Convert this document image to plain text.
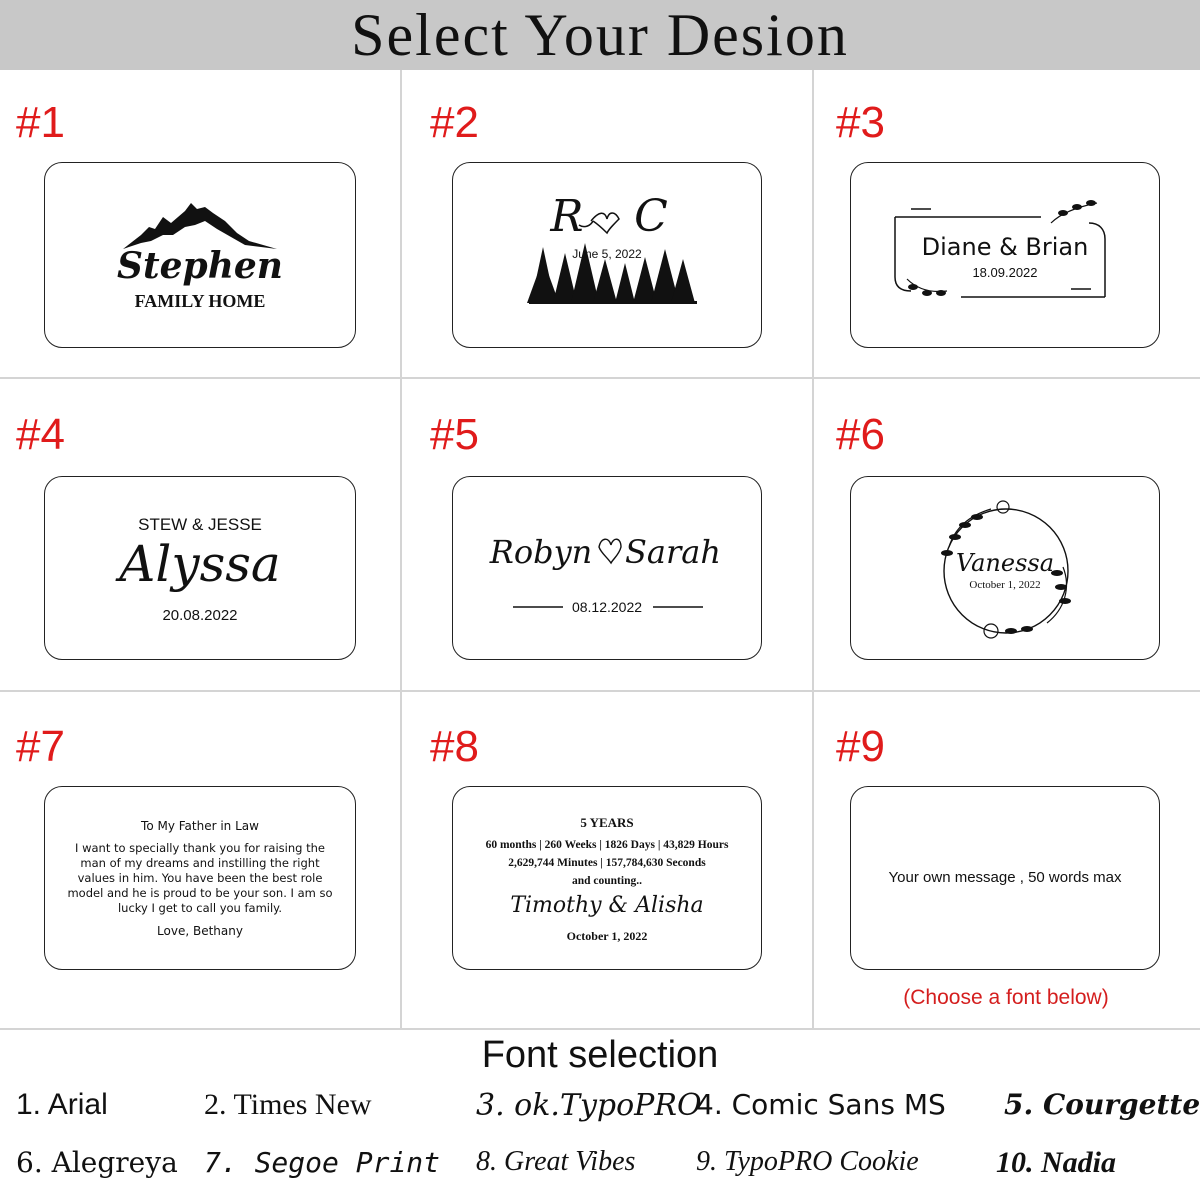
Select Your Desion
#1
Stephen
FAMILY HOME
#2
R	C
June 5, 2022
#3
Diane & Brian
18.09.2022
#4
STEW & JESSE
Alyssa
20.08.2022
#5
Robyn	Sarah
08.12.2022
#6
Vanessa
October 1, 2022
#7
To My Father in Law
I want to specially thank you for raising the
man of my dreams and instilling the right
values in him. You have been the best role
model and he is proud to be your son. I am so
lucky I get to call you family.
Love, Bethany
#8
5 YEARS
60 months | 260 Weeks | 1826 Days | 43,829 Hours
2,629,744 Minutes | 157,784,630 Seconds
and counting..
Timothy & Alisha
October 1, 2022
#9
Your own message , 50 words max
(Choose a font below)
Font selection
1. Arial	2. Times New	3. ok.TypoPRO
4. Comic Sans MS 5. Courgette
6. Alegreya 7. Segoe Print 8. Great Vibes 9. TypoPRO Cookie	10. Nadia
